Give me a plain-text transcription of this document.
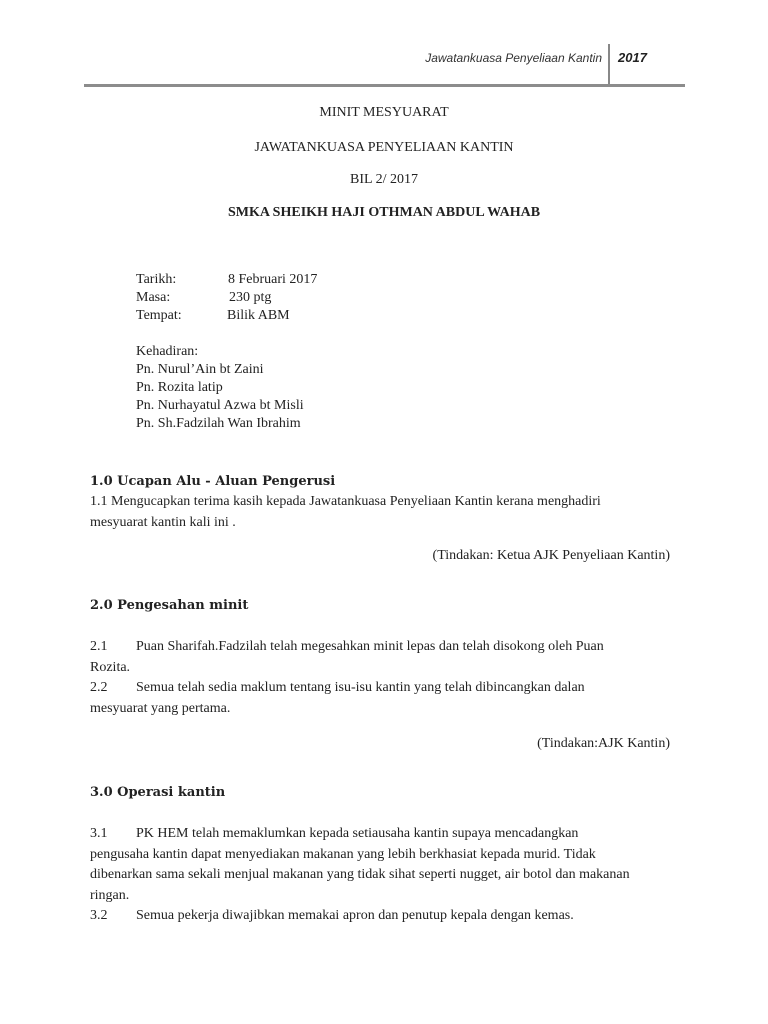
Jawatankuasa Penyeliaan Kantin 2017
MINIT MESYUARAT
JAWATANKUASA PENYELIAAN KANTIN
BIL 2/ 2017
SMKA SHEIKH HAJI OTHMAN ABDUL WAHAB
Tarikh:	8 Februari 2017
Masa:	230 ptg
Tempat:	Bilik ABM
Kehadiran:
Pn. Nurul’Ain bt Zaini
Pn. Rozita latip
Pn. Nurhayatul Azwa bt Misli
Pn. Sh.Fadzilah Wan Ibrahim
1.0 Ucapan Alu - Aluan Pengerusi
1.1 Mengucapkan terima kasih kepada Jawatankuasa Penyeliaan Kantin kerana menghadiri
mesyuarat kantin kali ini .
(Tindakan: Ketua AJK Penyeliaan Kantin)
2.0 Pengesahan minit
2.1 Puan Sharifah.Fadzilah telah megesahkan minit lepas dan telah disokong oleh Puan
Rozita.
2.2 Semua telah sedia maklum tentang isu-isu kantin yang telah dibincangkan dalan
mesyuarat yang pertama.
(Tindakan:AJK Kantin)
3.0 Operasi kantin
3.1 PK HEM telah memaklumkan kepada setiausaha kantin supaya mencadangkan
pengusaha kantin dapat menyediakan makanan yang lebih berkhasiat kepada murid. Tidak
dibenarkan sama sekali menjual makanan yang tidak sihat seperti nugget, air botol dan makanan
ringan.
3.2 Semua pekerja diwajibkan memakai apron dan penutup kepala dengan kemas.
